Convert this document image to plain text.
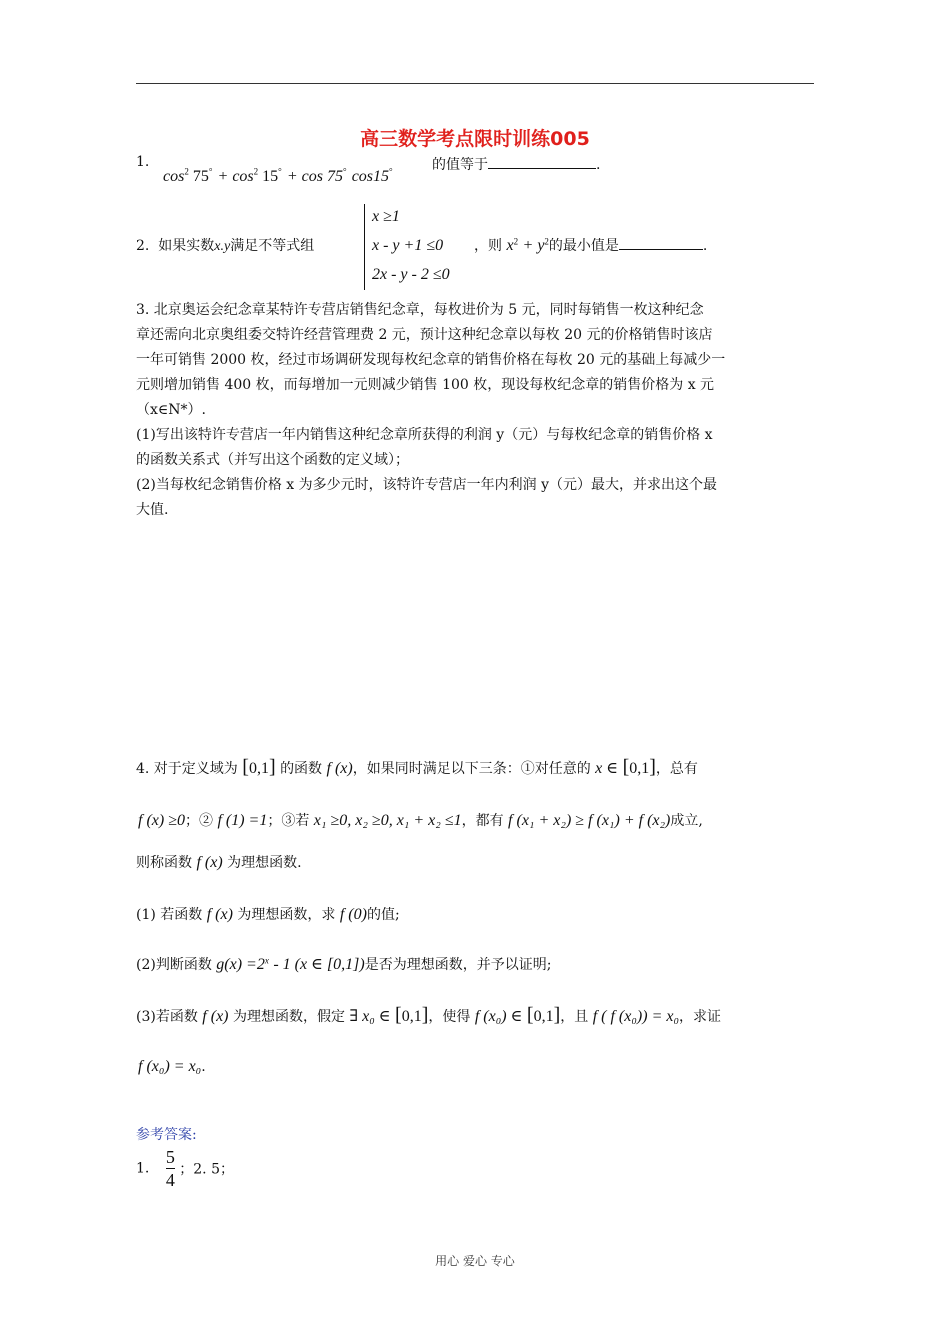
高三数学考点限时训练005
1.
$\cos^2 75^\circ + \cos^2 15^\circ + \cos 75^\circ$ cos15°	的值等于	.
2. 如果实数x.y满足不等式组
x ≥1
x - y +1 ≤0
2x - y - 2 ≤0
，则 $x^2 + y^2$的最小值是	.
3. 北京奥运会纪念章某特许专营店销售纪念章，每枚进价为 5 元，同时每销售一枚这种纪念
章还需向北京奥组委交特许经营管理费 2 元，预计这种纪念章以每枚 20 元的价格销售时该店
一年可销售 2000 枚，经过市场调研发现每枚纪念章的销售价格在每枚 20 元的基础上每减少一
元则增加销售 400 枚，而每增加一元则减少销售 100 枚，现设每枚纪念章的销售价格为 x 元
（x∈N*）.
(1)写出该特许专营店一年内销售这种纪念章所获得的利润 y（元）与每枚纪念章的销售价格 x
的函数关系式（并写出这个函数的定义域）；
(2)当每枚纪念销售价格 x 为多少元时，该特许专营店一年内利润 y（元）最大，并求出这个最
大值.
4. 对于定义域为 [0,1] 的函数 f (x)，如果同时满足以下三条：①对任意的 x ∈ [0,1]，总有
f (x) ≥0；② f (1) =1；③若 x₁ ≥0, x₂ ≥0, x₁ + x₂ ≤1，都有 f (x₁ + x₂) ≥ f (x₁) + f (x₂)成立,
则称函数 f (x) 为理想函数.
(1) 若函数 f (x) 为理想函数，求 f (0)的值;
(2)判断函数 $g(x) =2^x - 1$ (x ∈ [0,1])是否为理想函数，并予以证明;
(3)若函数 f (x) 为理想函数，假定 ∃ x₀ ∈ [0,1]，使得 f (x₀) ∈ [0,1]，且 f ( f (x₀)) = x₀，求证
f (x₀) = x₀.
参考答案:
1. $\frac{5}{4}$ ；2. 5；
用心 爱心 专心
